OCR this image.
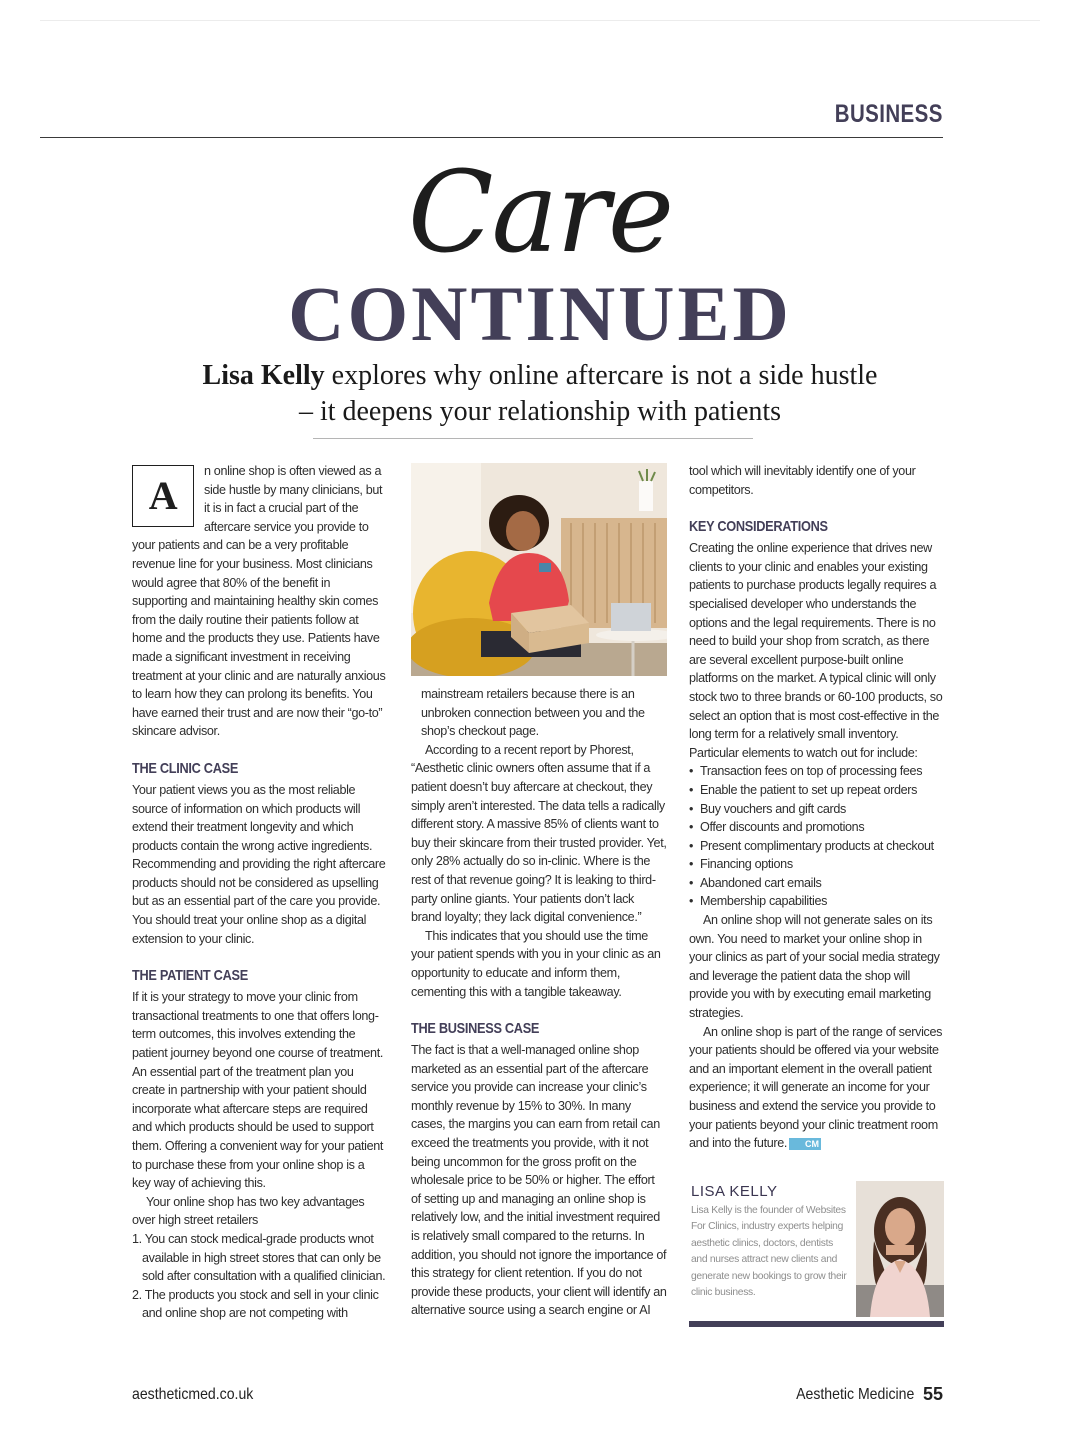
BUSINESS
Care
CONTINUED
Lisa Kelly explores why online aftercare is not a side hustle
– it deepens your relationship with patients

A
n online shop is often viewed as a side hustle by many clinicians, but it is in fact a crucial part of the aftercare service you provide to your patients and can be a very profitable revenue line for your business. Most clinicians would agree that 80% of the benefit in supporting and maintaining healthy skin comes from the daily routine their patients follow at home and the products they use. Patients have made a significant investment in receiving treatment at your clinic and are naturally anxious to learn how they can prolong its benefits. You have earned their trust and are now their “go-to” skincare advisor.

THE CLINIC CASE

Your patient views you as the most reliable source of information on which products will extend their treatment longevity and which products contain the wrong active ingredients. Recommending and providing the right aftercare products should not be considered as upselling but as an essential part of the care you provide. You should treat your online shop as a digital extension to your clinic.

THE PATIENT CASE

If it is your strategy to move your clinic from transactional treatments to one that offers long-term outcomes, this involves extending the patient journey beyond one course of treatment. An essential part of the treatment plan you create in partnership with your patient should incorporate what aftercare steps are required and which products should be used to support them. Offering a convenient way for your patient to purchase these from your online shop is a key way of achieving this.

Your online shop has two key advantages over high street retailers

1. You can stock medical-grade products wnot available in high street stores that can only be sold after consultation with a qualified clinician.
2. The products you stock and sell in your clinic and online shop are not competing with

mainstream retailers because there is an unbroken connection between you and the shop’s checkout page.

According to a recent report by Phorest, “Aesthetic clinic owners often assume that if a patient doesn’t buy aftercare at checkout, they simply aren’t interested. The data tells a radically different story. A massive 85% of clients want to buy their skincare from their trusted provider. Yet, only 28% actually do so in-clinic. Where is the rest of that revenue going? It is leaking to third-party online giants. Your patients don’t lack brand loyalty; they lack digital convenience.”

This indicates that you should use the time your patient spends with you in your clinic as an opportunity to educate and inform them, cementing this with a tangible takeaway.

THE BUSINESS CASE

The fact is that a well-managed online shop marketed as an essential part of the aftercare service you provide can increase your clinic’s monthly revenue by 15% to 30%. In many cases, the margins you can earn from retail can exceed the treatments you provide, with it not being uncommon for the gross profit on the wholesale price to be 50% or higher. The effort of setting up and managing an online shop is relatively low, and the initial investment required is relatively small compared to the returns. In addition, you should not ignore the importance of this strategy for client retention. If you do not provide these products, your client will identify an alternative source using a search engine or AI

tool which will inevitably identify one of your competitors.

KEY CONSIDERATIONS

Creating the online experience that drives new clients to your clinic and enables your existing patients to purchase products legally requires a specialised developer who understands the options and the legal requirements. There is no need to build your shop from scratch, as there are several excellent purpose-built online platforms on the market. A typical clinic will only stock two to three brands or 60-100 products, so select an option that is most cost-effective in the long term for a relatively small inventory. Particular elements to watch out for include:

• Transaction fees on top of processing fees
• Enable the patient to set up repeat orders
• Buy vouchers and gift cards
• Offer discounts and promotions
• Present complimentary products at checkout
• Financing options
• Abandoned cart emails
• Membership capabilities

An online shop will not generate sales on its own. You need to market your online shop in your clinics as part of your social media strategy and leverage the patient data the shop will provide you with by executing email marketing strategies.

An online shop is part of the range of services your patients should be offered via your website and an important element in the overall patient experience; it will generate an income for your business and extend the service you provide to your patients beyond your clinic treatment room and into the future. CM

LISA KELLY
Lisa Kelly is the founder of Websites For Clinics, industry experts helping aesthetic clinics, doctors, dentists and nurses attract new clients and generate new bookings to grow their clinic business.
aestheticmed.co.uk	Aesthetic Medicine 55
